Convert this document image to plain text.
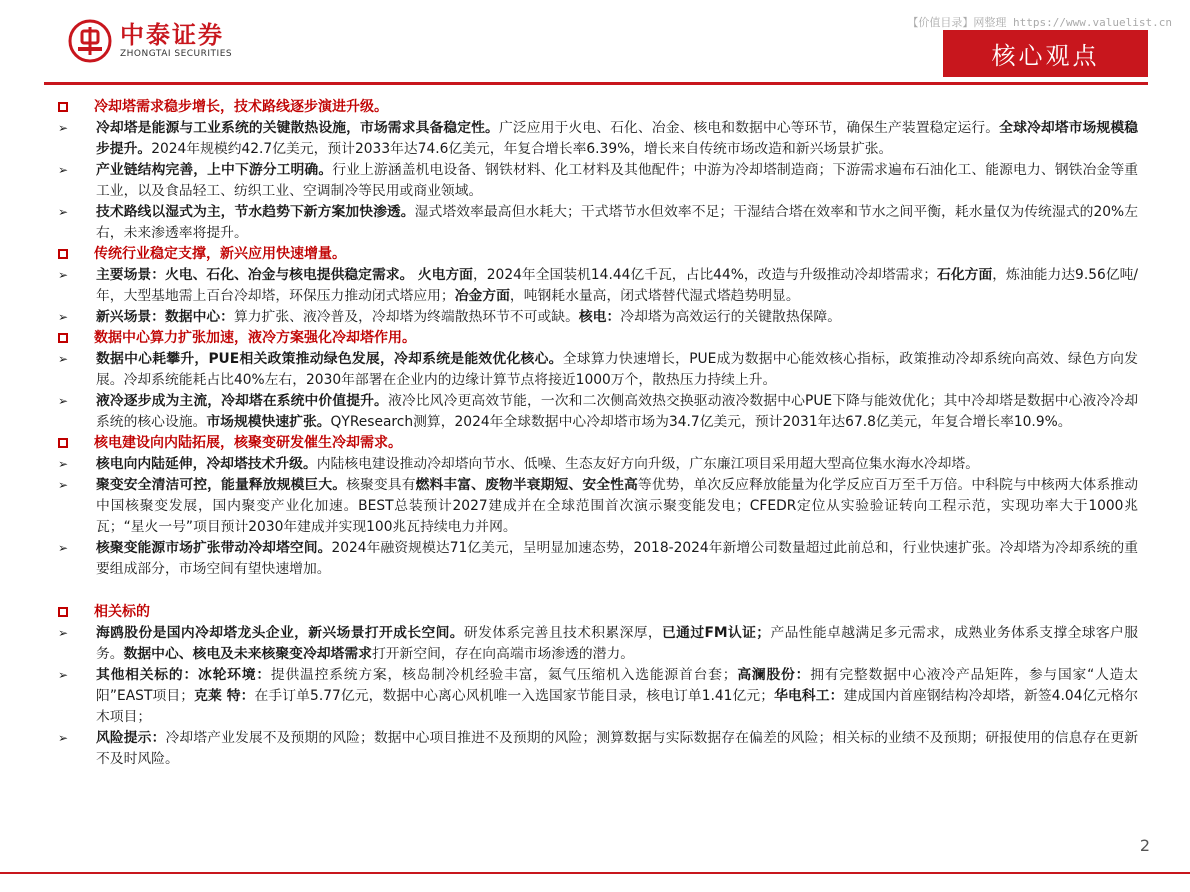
中泰证券
ZHONGTAI SECURITIES
【价值目录】网整理 https://www.valuelist.cn
核心观点
冷却塔需求稳步增长，技术路线逐步演进升级。
➢	冷却塔是能源与工业系统的关键散热设施，市场需求具备稳定性。广泛应用于火电、石化、冶金、核电和数据中心等环节，确保生产装置稳定运行。全球冷却塔市场规模稳步提升。2024年规模约42.7亿美元，预计2033年达74.6亿美元，年复合增长率6.39%，增长来自传统市场改造和新兴场景扩张。
➢	产业链结构完善，上中下游分工明确。行业上游涵盖机电设备、钢铁材料、化工材料及其他配件；中游为冷却塔制造商；下游需求遍布石油化工、能源电力、钢铁冶金等重工业，以及食品轻工、纺织工业、空调制冷等民用或商业领域。
➢	技术路线以湿式为主，节水趋势下新方案加快渗透。湿式塔效率最高但水耗大；干式塔节水但效率不足；干湿结合塔在效率和节水之间平衡，耗水量仅为传统湿式的20%左右，未来渗透率将提升。
传统行业稳定支撑，新兴应用快速增量。
➢	主要场景：火电、石化、冶金与核电提供稳定需求。 火电方面，2024年全国装机14.44亿千瓦，占比44%，改造与升级推动冷却塔需求；石化方面，炼油能力达9.56亿吨/年，大型基地需上百台冷却塔，环保压力推动闭式塔应用；冶金方面，吨钢耗水量高，闭式塔替代湿式塔趋势明显。
➢	新兴场景：数据中心：算力扩张、液冷普及，冷却塔为终端散热环节不可或缺。核电：冷却塔为高效运行的关键散热保障。
数据中心算力扩张加速，液冷方案强化冷却塔作用。
➢	数据中心耗攀升，PUE相关政策推动绿色发展，冷却系统是能效优化核心。全球算力快速增长，PUE成为数据中心能效核心指标，政策推动冷却系统向高效、绿色方向发展。冷却系统能耗占比40%左右，2030年部署在企业内的边缘计算节点将接近1000万个，散热压力持续上升。
➢	液冷逐步成为主流，冷却塔在系统中价值提升。液冷比风冷更高效节能，一次和二次侧高效热交换驱动液冷数据中心PUE下降与能效优化；其中冷却塔是数据中心液冷冷却系统的核心设施。市场规模快速扩张。QYResearch测算，2024年全球数据中心冷却塔市场为34.7亿美元，预计2031年达67.8亿美元，年复合增长率10.9%。
核电建设向内陆拓展，核聚变研发催生冷却需求。
➢	核电向内陆延伸，冷却塔技术升级。内陆核电建设推动冷却塔向节水、低噪、生态友好方向升级，广东廉江项目采用超大型高位集水海水冷却塔。
➢	聚变安全清洁可控，能量释放规模巨大。核聚变具有燃料丰富、废物半衰期短、安全性高等优势，单次反应释放能量为化学反应百万至千万倍。中科院与中核两大体系推动中国核聚变发展，国内聚变产业化加速。BEST总装预计2027建成并在全球范围首次演示聚变能发电；CFEDR定位从实验验证转向工程示范，实现功率大于1000兆瓦；“星火一号”项目预计2030年建成并实现100兆瓦持续电力并网。
➢	核聚变能源市场扩张带动冷却塔空间。2024年融资规模达71亿美元，呈明显加速态势，2018-2024年新增公司数量超过此前总和，行业快速扩张。冷却塔为冷却系统的重要组成部分，市场空间有望快速增加。
相关标的
➢	海鸥股份是国内冷却塔龙头企业，新兴场景打开成长空间。研发体系完善且技术积累深厚，已通过FM认证；产品性能卓越满足多元需求，成熟业务体系支撑全球客户服务。数据中心、核电及未来核聚变冷却塔需求打开新空间，存在向高端市场渗透的潜力。
➢	其他相关标的：冰轮环境：提供温控系统方案，核岛制冷机经验丰富，氦气压缩机入选能源首台套；高澜股份：拥有完整数据中心液冷产品矩阵，参与国家“人造太阳”EAST项目；克莱 特：在手订单5.77亿元，数据中心离心风机唯一入选国家节能目录，核电订单1.41亿元；华电科工：建成国内首座钢结构冷却塔，新签4.04亿元格尔木项目；
➢	风险提示：冷却塔产业发展不及预期的风险；数据中心项目推进不及预期的风险；测算数据与实际数据存在偏差的风险；相关标的业绩不及预期；研报使用的信息存在更新不及时风险。
2
